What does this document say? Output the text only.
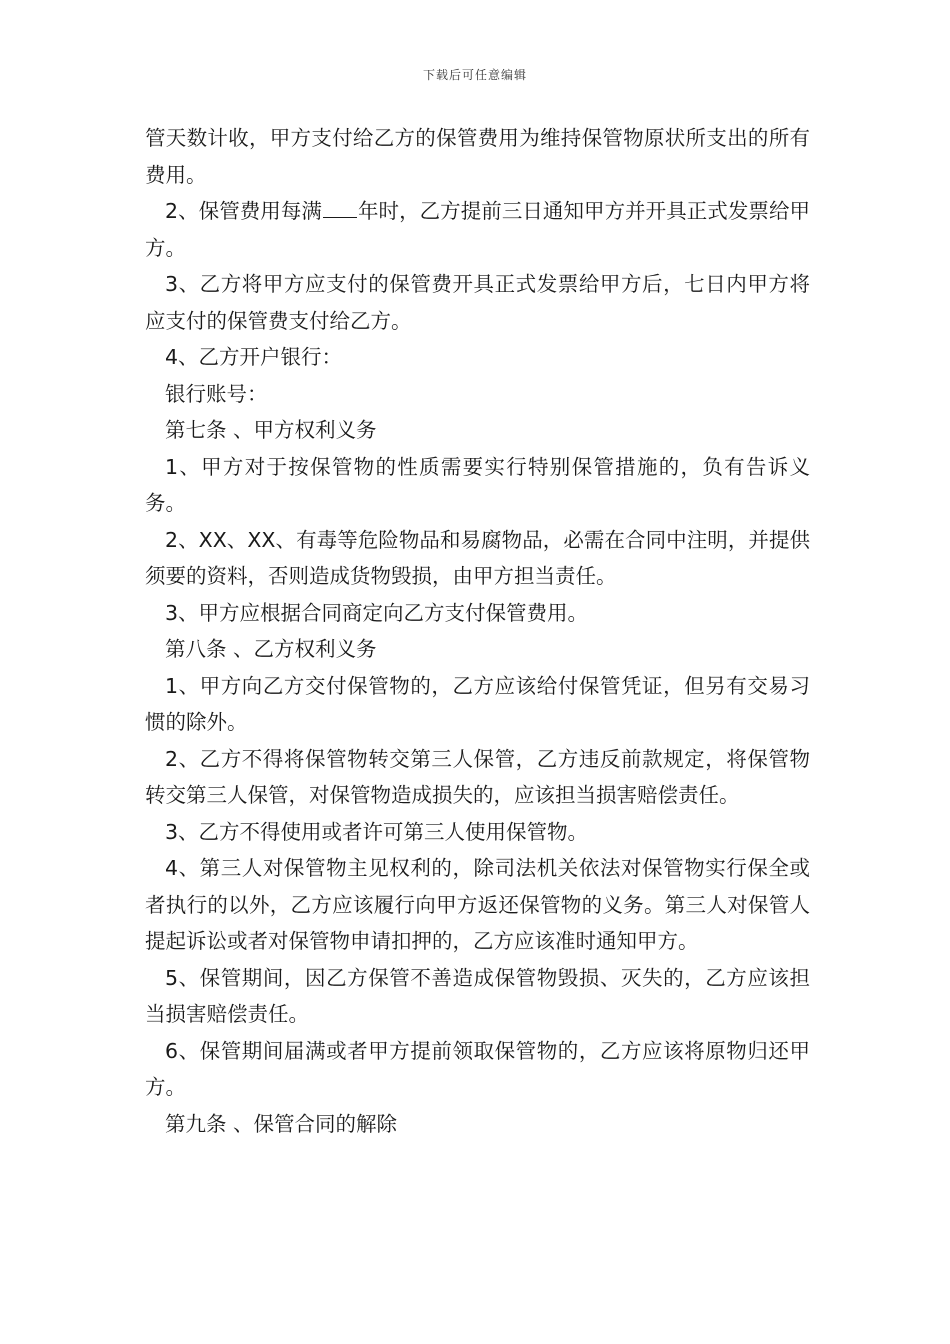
下载后可任意编辑

管天数计收，甲方支付给乙方的保管费用为维持保管物原状所支出的所有费用。

2、保管费用每满 年时，乙方提前三日通知甲方并开具正式发票给甲方。

3、乙方将甲方应支付的保管费开具正式发票给甲方后，七日内甲方将应支付的保管费支付给乙方。

4、乙方开户银行：

银行账号：

第七条 、甲方权利义务

1、甲方对于按保管物的性质需要实行特别保管措施的，负有告诉义务。

2、XX、XX、有毒等危险物品和易腐物品，必需在合同中注明，并提供须要的资料，否则造成货物毁损，由甲方担当责任。

3、甲方应根据合同商定向乙方支付保管费用。

第八条 、乙方权利义务

1、甲方向乙方交付保管物的，乙方应该给付保管凭证，但另有交易习惯的除外。

2、乙方不得将保管物转交第三人保管，乙方违反前款规定，将保管物转交第三人保管，对保管物造成损失的，应该担当损害赔偿责任。

3、乙方不得使用或者许可第三人使用保管物。

4、第三人对保管物主见权利的，除司法机关依法对保管物实行保全或者执行的以外，乙方应该履行向甲方返还保管物的义务。第三人对保管人提起诉讼或者对保管物申请扣押的，乙方应该准时通知甲方。

5、保管期间，因乙方保管不善造成保管物毁损、灭失的，乙方应该担当损害赔偿责任。

6、保管期间届满或者甲方提前领取保管物的，乙方应该将原物归还甲方。

第九条 、保管合同的解除
